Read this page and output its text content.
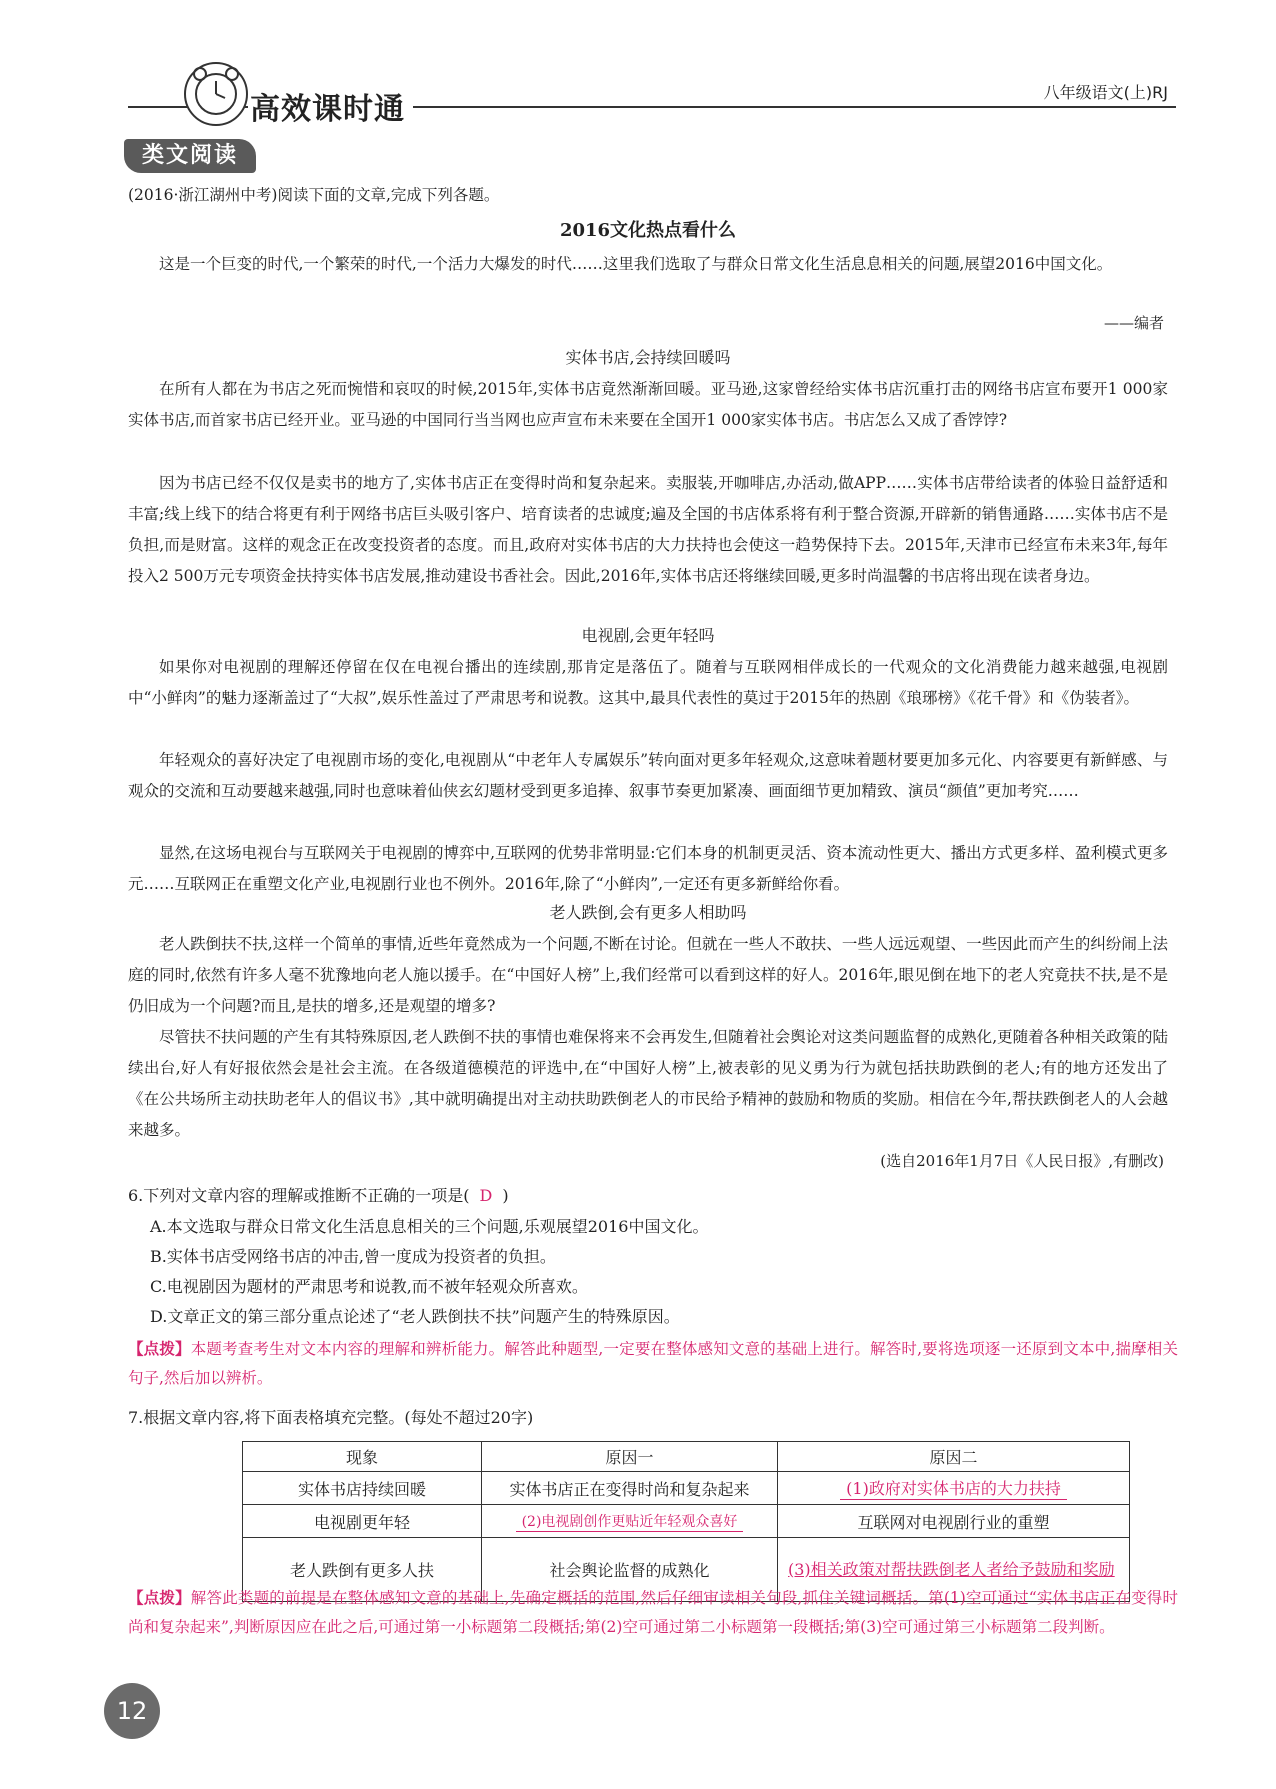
高效课时通	八年级语文(上)RJ
类文阅读
(2016·浙江湖州中考)阅读下面的文章,完成下列各题。
2016文化热点看什么
这是一个巨变的时代,一个繁荣的时代,一个活力大爆发的时代……这里我们选取了与群众日常文化生活息息相关的问题,展望2016中国文化。
——编者
实体书店,会持续回暖吗
在所有人都在为书店之死而惋惜和哀叹的时候,2015年,实体书店竟然渐渐回暖。亚马逊,这家曾经给实体书店沉重打击的网络书店宣布要开1 000家实体书店,而首家书店已经开业。亚马逊的中国同行当当网也应声宣布未来要在全国开1 000家实体书店。书店怎么又成了香饽饽?
因为书店已经不仅仅是卖书的地方了,实体书店正在变得时尚和复杂起来。卖服装,开咖啡店,办活动,做APP……实体书店带给读者的体验日益舒适和丰富;线上线下的结合将更有利于网络书店巨头吸引客户、培育读者的忠诚度;遍及全国的书店体系将有利于整合资源,开辟新的销售通路……实体书店不是负担,而是财富。这样的观念正在改变投资者的态度。而且,政府对实体书店的大力扶持也会使这一趋势保持下去。2015年,天津市已经宣布未来3年,每年投入2 500万元专项资金扶持实体书店发展,推动建设书香社会。因此,2016年,实体书店还将继续回暖,更多时尚温馨的书店将出现在读者身边。
电视剧,会更年轻吗
如果你对电视剧的理解还停留在仅在电视台播出的连续剧,那肯定是落伍了。随着与互联网相伴成长的一代观众的文化消费能力越来越强,电视剧中“小鲜肉”的魅力逐渐盖过了“大叔”,娱乐性盖过了严肃思考和说教。这其中,最具代表性的莫过于2015年的热剧《琅琊榜》《花千骨》和《伪装者》。
年轻观众的喜好决定了电视剧市场的变化,电视剧从“中老年人专属娱乐”转向面对更多年轻观众,这意味着题材要更加多元化、内容要更有新鲜感、与观众的交流和互动要越来越强,同时也意味着仙侠玄幻题材受到更多追捧、叙事节奏更加紧凑、画面细节更加精致、演员“颜值”更加考究……
显然,在这场电视台与互联网关于电视剧的博弈中,互联网的优势非常明显:它们本身的机制更灵活、资本流动性更大、播出方式更多样、盈利模式更多元……互联网正在重塑文化产业,电视剧行业也不例外。2016年,除了“小鲜肉”,一定还有更多新鲜给你看。
老人跌倒,会有更多人相助吗
老人跌倒扶不扶,这样一个简单的事情,近些年竟然成为一个问题,不断在讨论。但就在一些人不敢扶、一些人远远观望、一些因此而产生的纠纷闹上法庭的同时,依然有许多人毫不犹豫地向老人施以援手。在“中国好人榜”上,我们经常可以看到这样的好人。2016年,眼见倒在地下的老人究竟扶不扶,是不是仍旧成为一个问题?而且,是扶的增多,还是观望的增多?
尽管扶不扶问题的产生有其特殊原因,老人跌倒不扶的事情也难保将来不会再发生,但随着社会舆论对这类问题监督的成熟化,更随着各种相关政策的陆续出台,好人有好报依然会是社会主流。在各级道德模范的评选中,在“中国好人榜”上,被表彰的见义勇为行为就包括扶助跌倒的老人;有的地方还发出了《在公共场所主动扶助老年人的倡议书》,其中就明确提出对主动扶助跌倒老人的市民给予精神的鼓励和物质的奖励。相信在今年,帮扶跌倒老人的人会越来越多。
(选自2016年1月7日《人民日报》,有删改)
6.下列对文章内容的理解或推断不正确的一项是( D )
A.本文选取与群众日常文化生活息息相关的三个问题,乐观展望2016中国文化。
B.实体书店受网络书店的冲击,曾一度成为投资者的负担。
C.电视剧因为题材的严肃思考和说教,而不被年轻观众所喜欢。
D.文章正文的第三部分重点论述了“老人跌倒扶不扶”问题产生的特殊原因。
【点拨】本题考查考生对文本内容的理解和辨析能力。解答此种题型,一定要在整体感知文意的基础上进行。解答时,要将选项逐一还原到文本中,揣摩相关句子,然后加以辨析。
7.根据文章内容,将下面表格填充完整。(每处不超过20字)
现象	原因一	原因二
实体书店持续回暖	实体书店正在变得时尚和复杂起来	(1)政府对实体书店的大力扶持
电视剧更年轻	(2)电视剧创作更贴近年轻观众喜好	互联网对电视剧行业的重塑
老人跌倒有更多人扶	社会舆论监督的成熟化	(3)相关政策对帮扶跌倒老人者给予鼓励和奖励
【点拨】解答此类题的前提是在整体感知文意的基础上,先确定概括的范围,然后仔细审读相关句段,抓住关键词概括。第(1)空可通过“实体书店正在变得时尚和复杂起来”,判断原因应在此之后,可通过第一小标题第二段概括;第(2)空可通过第二小标题第一段概括;第(3)空可通过第三小标题第二段判断。
12
